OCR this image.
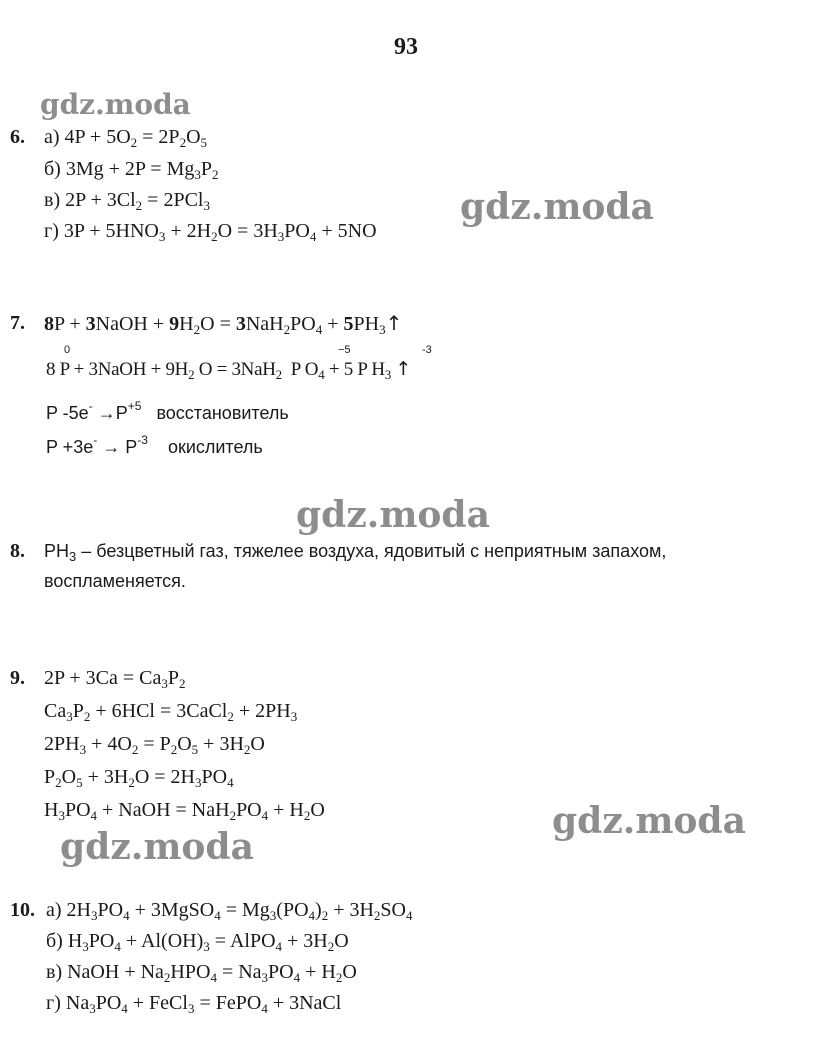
93
gdz.moda
gdz.moda
gdz.moda
gdz.moda
gdz.moda
6. а) $4P + 5O_2 = 2P_2O_5$
б) $3Mg + 2P = Mg_3P_2$
в) $2P + 3Cl_2 = 2PCl_3$
г) $3P + 5HNO_3 + 2H_2O = 3H_3PO_4 + 5NO$
7. 8P + 3NaOH + $9H_2O = 3NaH_2PO_4$ + $5PH_3↑$
0	−5	-3
8 P + 3NaOH + $9H_2$ O = 3NaH$_2$  P $O_4 + 5$ P $H_3$ ↑
P $-5e^- \to P^{+5}$ восстановитель
$P +3e^- \to P^{-3}$ окислитель
8. $PH_3$ – безцветный газ, тяжелее воздуха, ядовитый с неприятным запахом,
воспламеняется.
9. $2P + 3Ca = Ca_3P_2$
$Ca_3P_2 + 6HCl$ = 3CaCl$_2$ + $2PH_3$
$2PH_3 + 4O_2 = P_2O_5 + 3H_2O$
$P_2O_5 + 3H_2O = 2H_3PO_4$
$H_3PO_4$ + NaOH = $NaH_2PO_4 + H_2O$
10. а) $2H_3PO_4$ + 3MgSO$_4$ = $Mg_3(PO_4)_2 + 3H_2SO_4$
б) $H_3PO_4 + Al(OH)_3$ = AlPO$_4$ + $3H_2O$
в) NaOH + $Na_2HPO_4 = Na_3PO_4 + H_2O$
г) $Na_3PO_4$ + FeCl$_3$ = FePO$_4$ + 3NaCl
